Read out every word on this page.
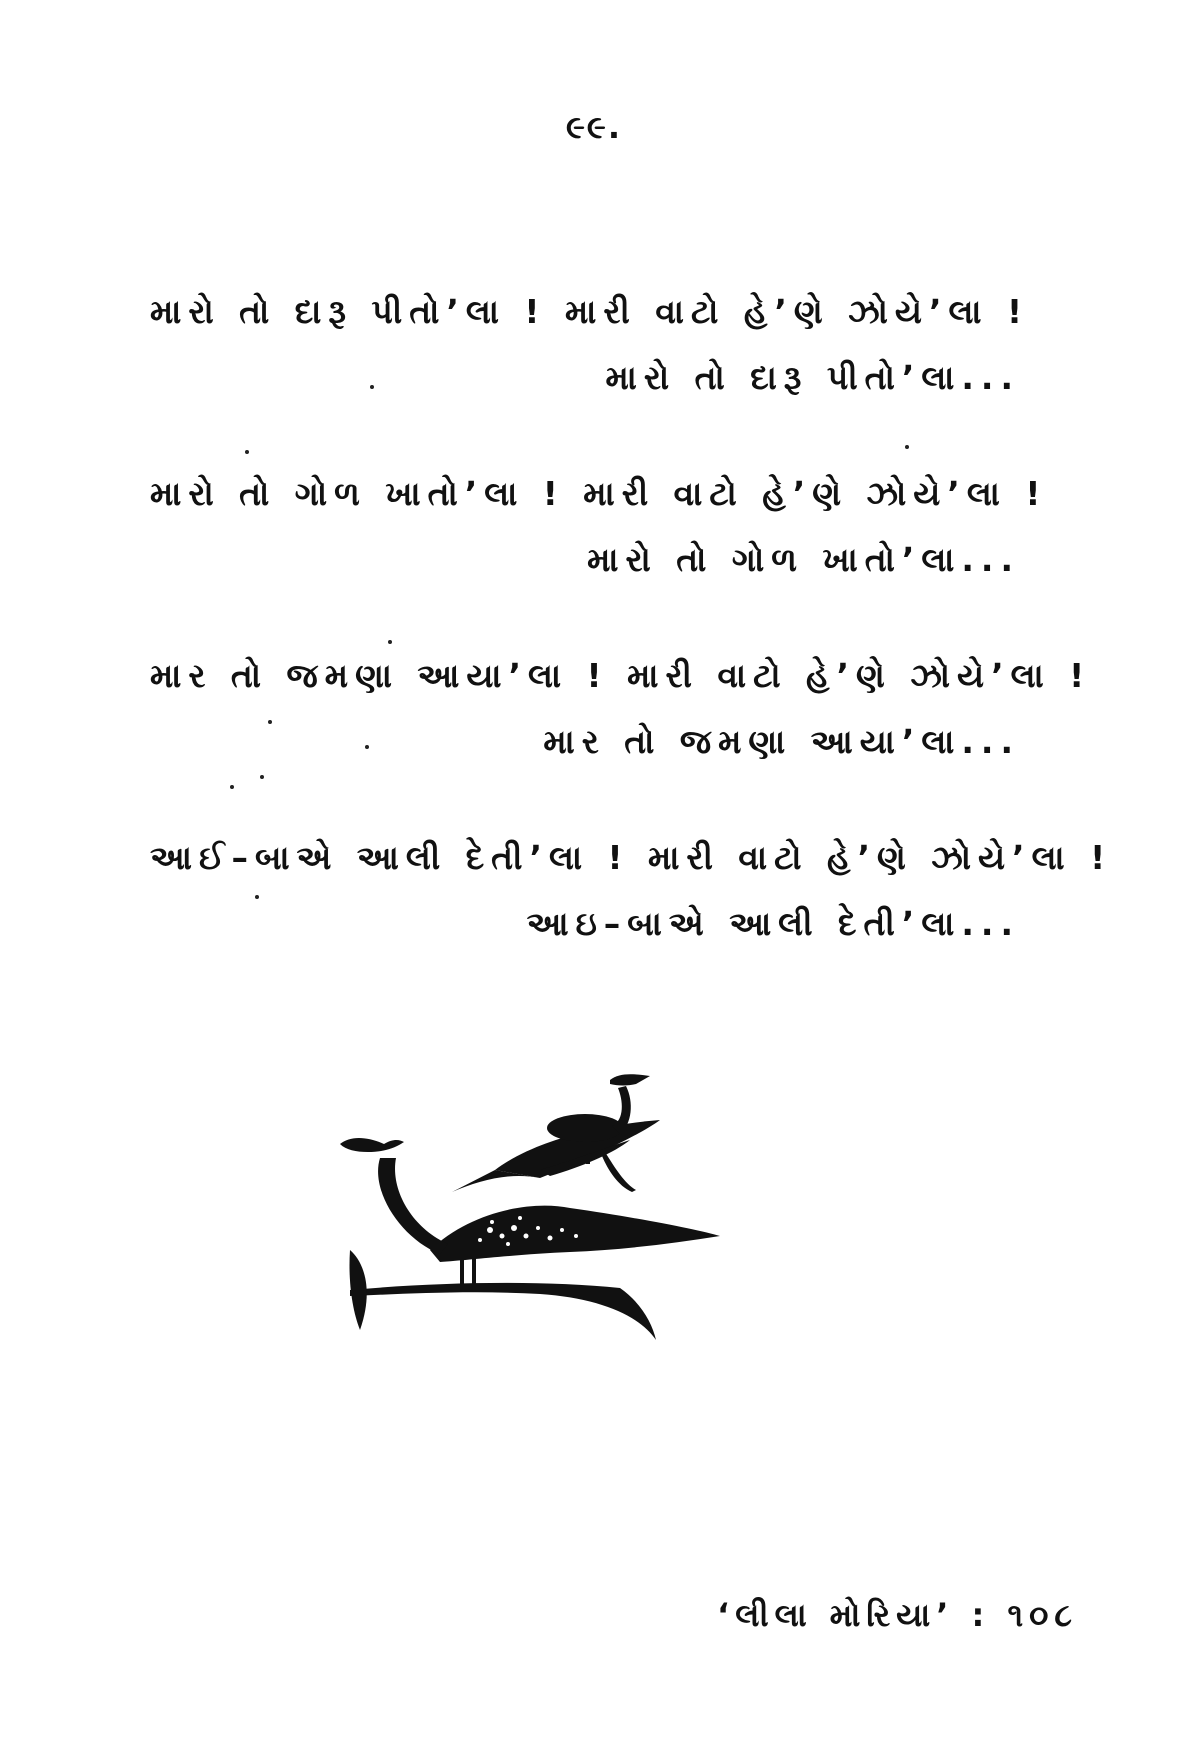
૯૯.
મારો તો દારૂ પીતો’લા ! મારી વાટો હે’ણે ઝોયે’લા !
મારો તો દારૂ પીતો’લા...
મારો તો ગોળ ખાતો’લા ! મારી વાટો હે’ણે ઝોયે’લા !
મારો તો ગોળ ખાતો’લા...
માર તો જમણા આયા’લા ! મારી વાટો હે’ણે ઝોયે’લા !
માર તો જમણા આયા’લા...
આઈ–બાએ આલી દેતી’લા ! મારી વાટો હે’ણે ઝોયે’લા !
આઇ–બાએ આલી દેતી’લા...
‘લીલા મોરિયા’ : ૧૦૮
